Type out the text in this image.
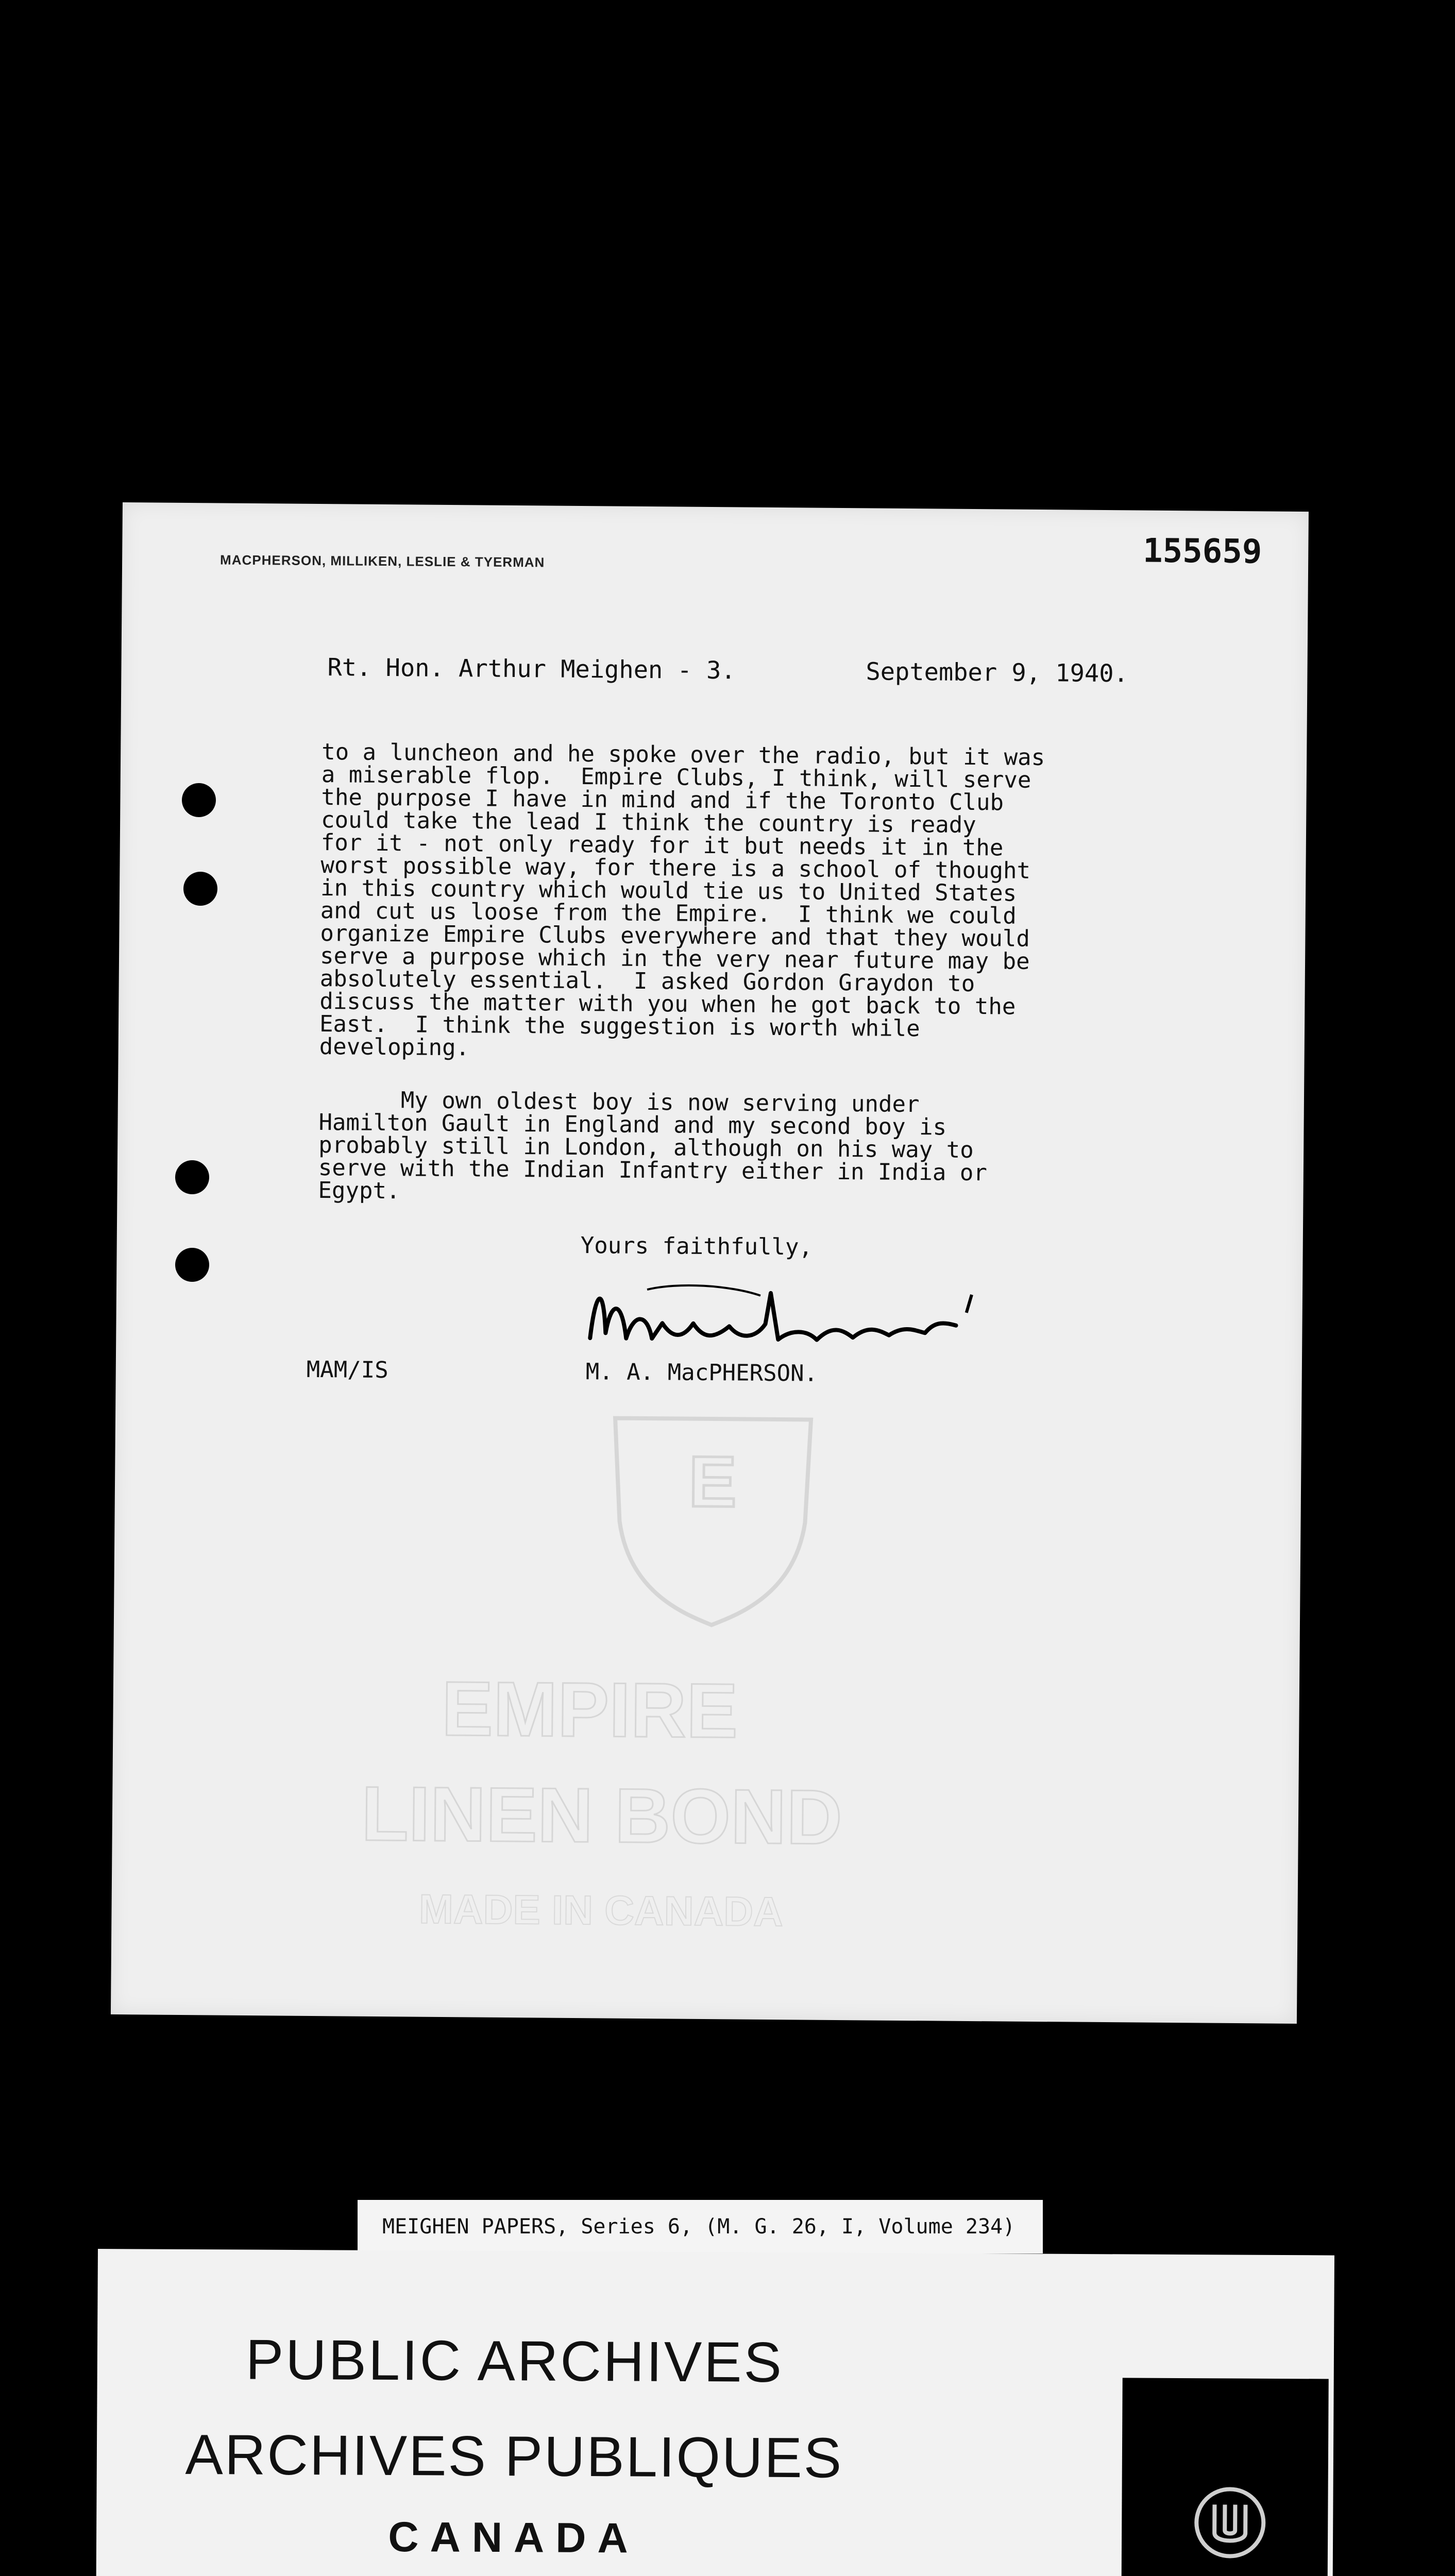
MACPHERSON, MILLIKEN, LESLIE & TYERMAN	155659
Rt. Hon. Arthur Meighen - 3.	September 9, 1940.
to a luncheon and he spoke over the radio, but it was
a miserable flop.  Empire Clubs, I think, will serve
the purpose I have in mind and if the Toronto Club
could take the lead I think the country is ready
for it - not only ready for it but needs it in the
worst possible way, for there is a school of thought
in this country which would tie us to United States
and cut us loose from the Empire.  I think we could
organize Empire Clubs everywhere and that they would
serve a purpose which in the very near future may be
absolutely essential.  I asked Gordon Graydon to
discuss the matter with you when he got back to the
East.  I think the suggestion is worth while
developing.
My own oldest boy is now serving under
Hamilton Gault in England and my second boy is
probably still in London, although on his way to
serve with the Indian Infantry either in India or
Egypt.
Yours faithfully,
MAM/IS	M. A. MacPHERSON.
E
EMPIRE
LINEN BOND
MADE IN CANADA
MEIGHEN PAPERS, Series 6, (M. G. 26, I, Volume 234)
PUBLIC ARCHIVES
ARCHIVES PUBLIQUES
CANADA
